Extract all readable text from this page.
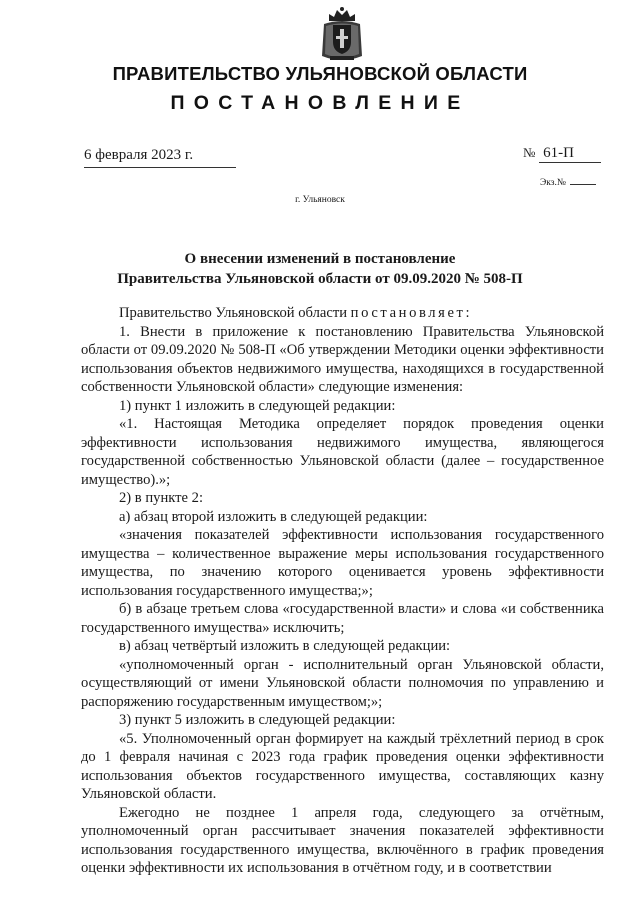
ПРАВИТЕЛЬСТВО УЛЬЯНОВСКОЙ ОБЛАСТИ
ПОСТАНОВЛЕНИЕ
6 февраля 2023 г.	№ 61-П
Экз.№
г. Ульяновск
О внесении изменений в постановление
Правительства Ульяновской области от 09.09.2020 № 508-П

Правительство Ульяновской области постановляет:

1. Внести в приложение к постановлению Правительства Ульяновской области от 09.09.2020 № 508-П «Об утверждении Методики оценки эффективности использования объектов недвижимого имущества, находящихся в государственной собственности Ульяновской области» следующие изменения:

1) пункт 1 изложить в следующей редакции:

«1. Настоящая Методика определяет порядок проведения оценки эффективности использования недвижимого имущества, являющегося государственной собственностью Ульяновской области (далее – государственное имущество).»;

2) в пункте 2:

а) абзац второй изложить в следующей редакции:

«значения показателей эффективности использования государственного имущества – количественное выражение меры использования государственного имущества, по значению которого оценивается уровень эффективности использования государственного имущества;»;

б) в абзаце третьем слова «государственной власти» и слова «и собственника государственного имущества» исключить;

в) абзац четвёртый изложить в следующей редакции:

«уполномоченный орган - исполнительный орган Ульяновской области, осуществляющий от имени Ульяновской области полномочия по управлению и распоряжению государственным имуществом;»;

3) пункт 5 изложить в следующей редакции:

«5. Уполномоченный орган формирует на каждый трёхлетний период в срок до 1 февраля начиная с 2023 года график проведения оценки эффективности использования объектов государственного имущества, составляющих казну Ульяновской области.

Ежегодно не позднее 1 апреля года, следующего за отчётным, уполномоченный орган рассчитывает значения показателей эффективности использования государственного имущества, включённого в график проведения оценки эффективности их использования в отчётном году, и в соответствии
